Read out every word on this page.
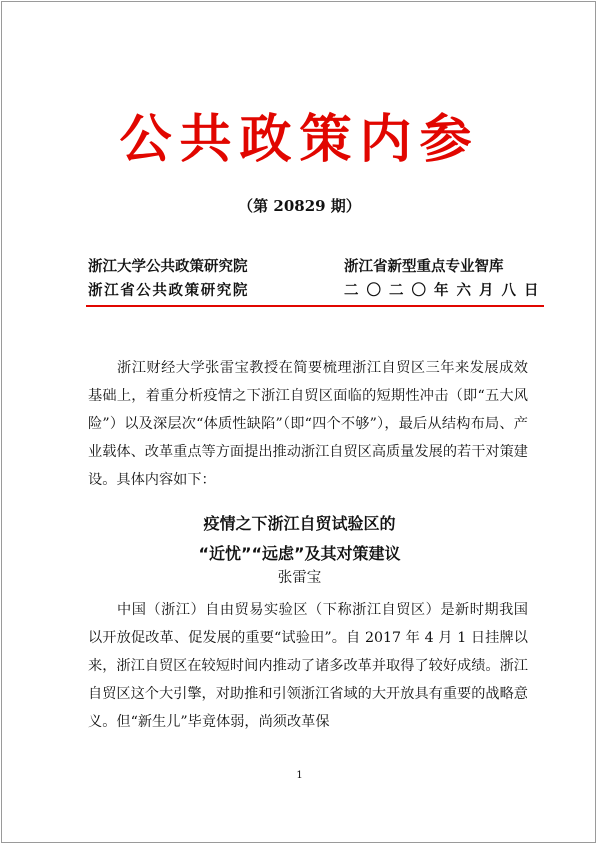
公共政策内参
（第 20829 期）
浙江大学公共政策研究院
浙江省公共政策研究院
浙江省新型重点专业智库
二〇二〇年六月八日

浙江财经大学张雷宝教授在简要梳理浙江自贸区三年来发展成效基础上，着重分析疫情之下浙江自贸区面临的短期性冲击（即“五大风险”）以及深层次“体质性缺陷”（即“四个不够”），最后从结构布局、产业载体、改革重点等方面提出推动浙江自贸区高质量发展的若干对策建设。具体内容如下：

疫情之下浙江自贸试验区的
“近忧”“远虑”及其对策建议
张雷宝

中国（浙江）自由贸易实验区（下称浙江自贸区）是新时期我国以开放促改革、促发展的重要“试验田”。自 2017 年 4 月 1 日挂牌以来，浙江自贸区在较短时间内推动了诸多改革并取得了较好成绩。浙江自贸区这个大引擎，对助推和引领浙江省域的大开放具有重要的战略意义。但“新生儿”毕竟体弱，尚须改革保

1
